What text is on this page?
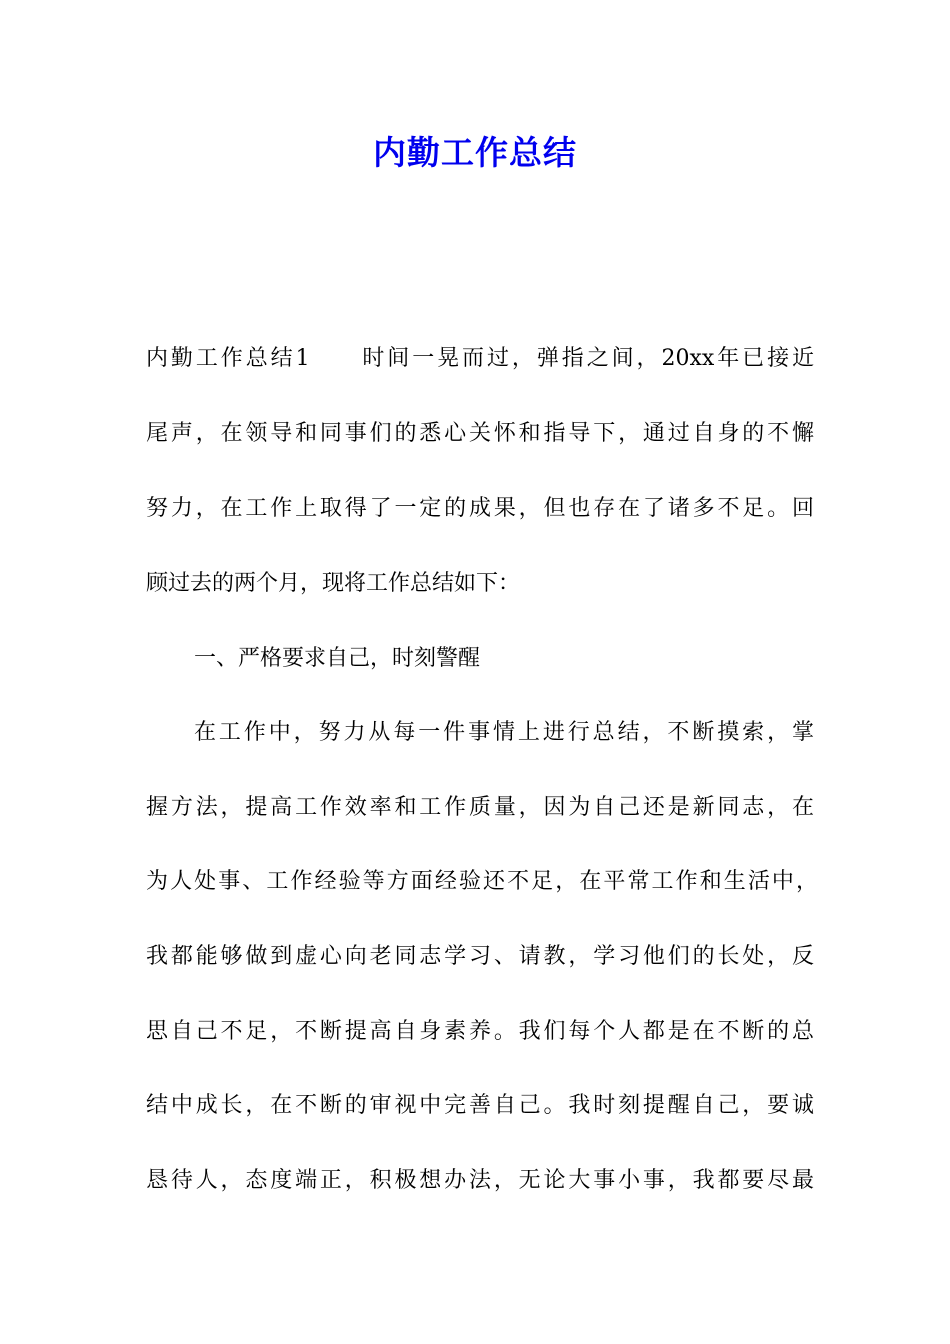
内勤工作总结
内勤工作总结1　　时间一晃而过，弹指之间，20xx年已接近
尾声，在领导和同事们的悉心关怀和指导下，通过自身的不懈
努力，在工作上取得了一定的成果，但也存在了诸多不足。回
顾过去的两个月，现将工作总结如下：
一、严格要求自己，时刻警醒
在工作中，努力从每一件事情上进行总结，不断摸索，掌
握方法，提高工作效率和工作质量，因为自己还是新同志，在
为人处事、工作经验等方面经验还不足，在平常工作和生活中，
我都能够做到虚心向老同志学习、请教，学习他们的长处，反
思自己不足，不断提高自身素养。我们每个人都是在不断的总
结中成长，在不断的审视中完善自己。我时刻提醒自己，要诚
恳待人，态度端正，积极想办法，无论大事小事，我都要尽最
